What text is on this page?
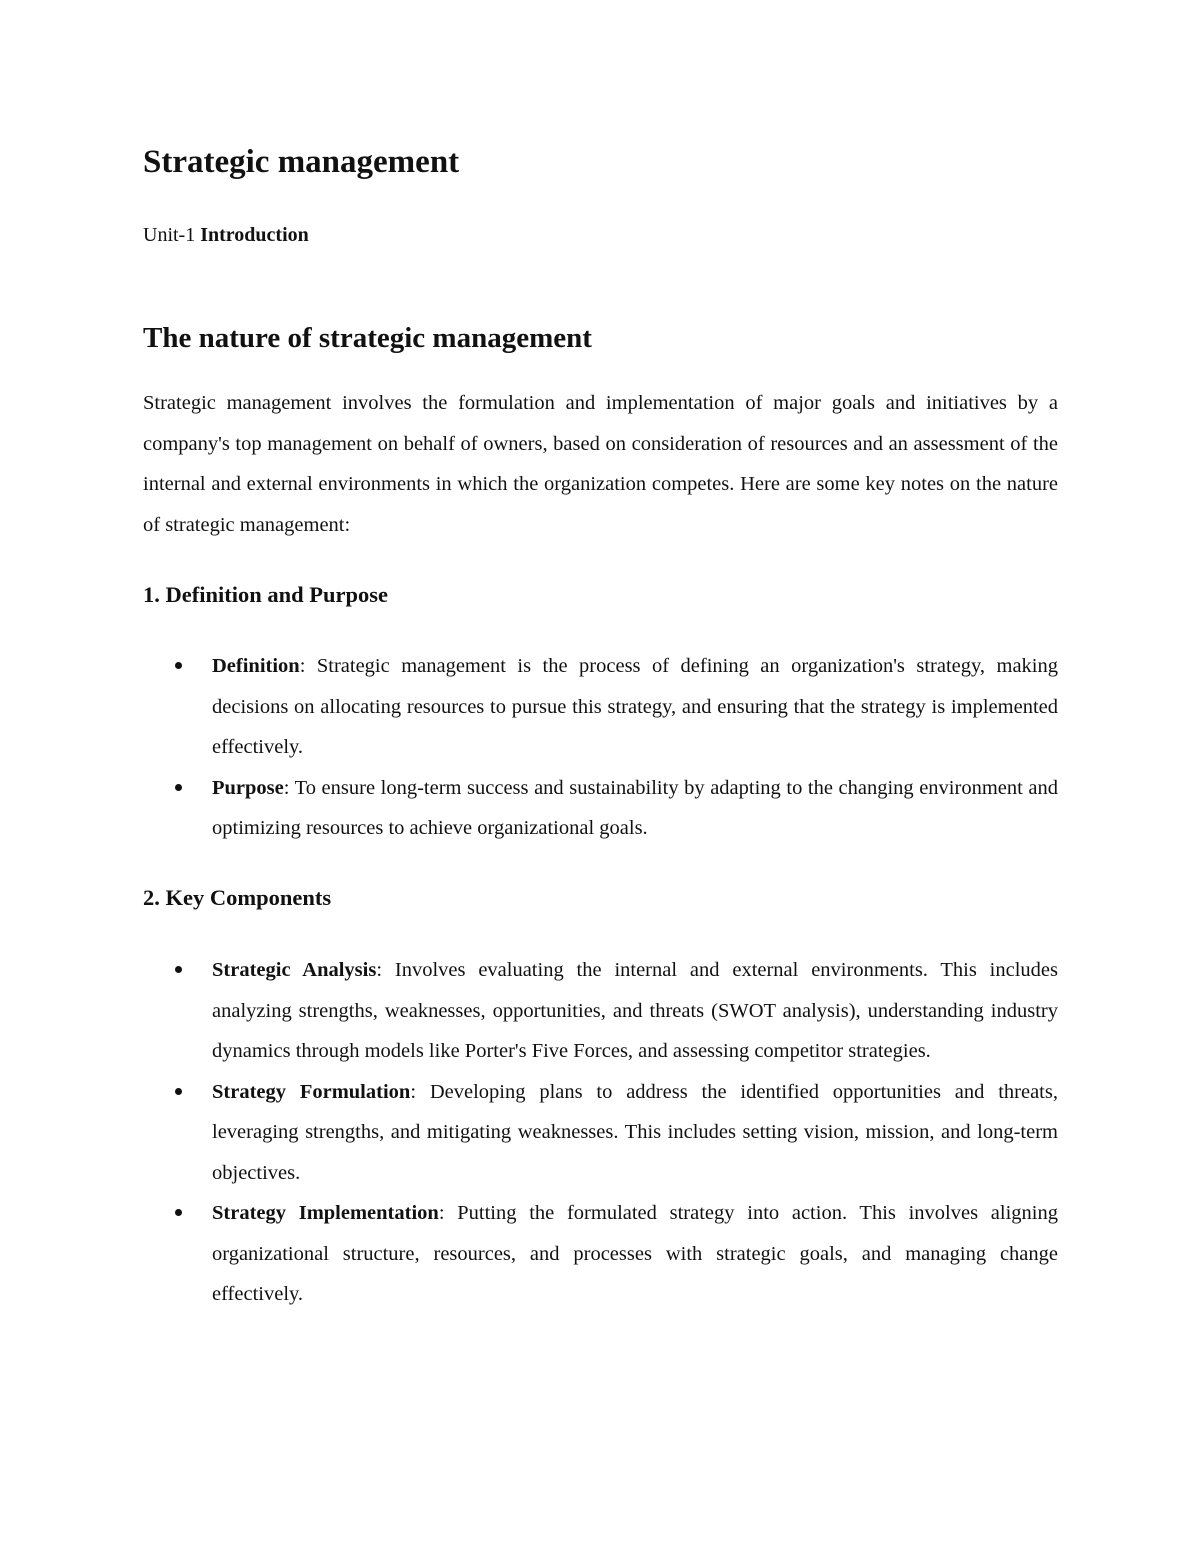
Strategic management

Unit-1 Introduction

The nature of strategic management

Strategic management involves the formulation and implementation of major goals and initiatives by a company's top management on behalf of owners, based on consideration of resources and an assessment of the internal and external environments in which the organization competes. Here are some key notes on the nature of strategic management:

1. Definition and Purpose
Definition: Strategic management is the process of defining an organization's strategy, making decisions on allocating resources to pursue this strategy, and ensuring that the strategy is implemented effectively.
Purpose: To ensure long-term success and sustainability by adapting to the changing environment and optimizing resources to achieve organizational goals.
2. Key Components
Strategic Analysis: Involves evaluating the internal and external environments. This includes analyzing strengths, weaknesses, opportunities, and threats (SWOT analysis), understanding industry dynamics through models like Porter's Five Forces, and assessing competitor strategies.
Strategy Formulation: Developing plans to address the identified opportunities and threats, leveraging strengths, and mitigating weaknesses. This includes setting vision, mission, and long-term objectives.
Strategy Implementation: Putting the formulated strategy into action. This involves aligning organizational structure, resources, and processes with strategic goals, and managing change effectively.
